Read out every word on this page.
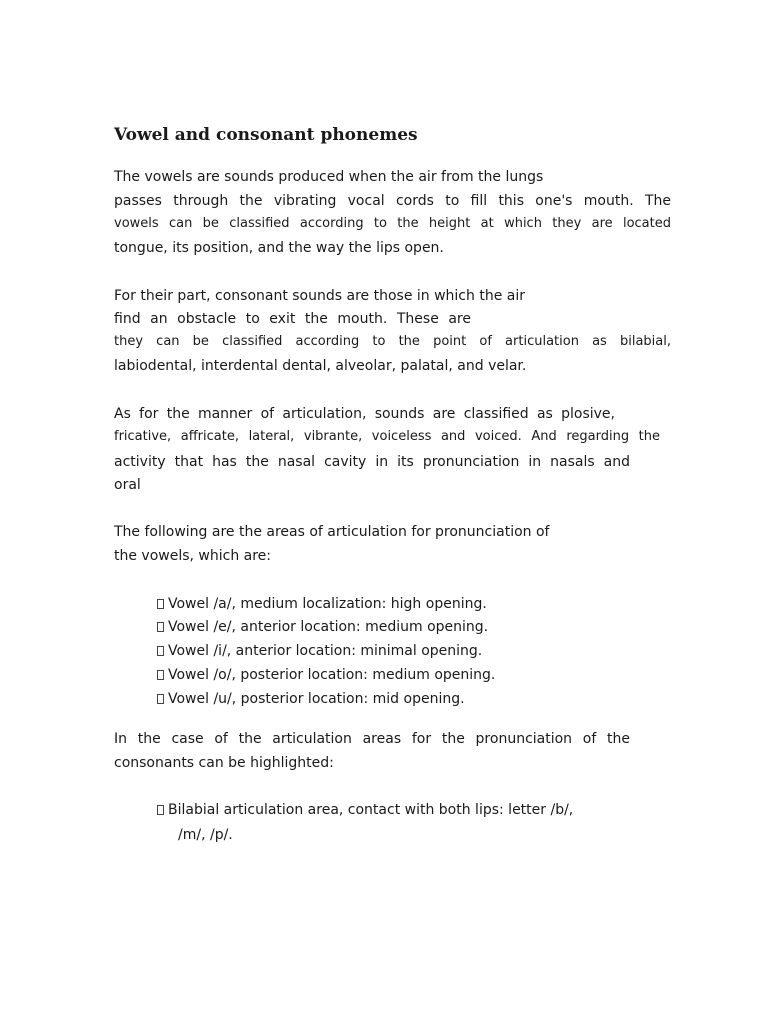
Vowel and consonant phonemes
The vowels are sounds produced when the air from the lungs
passes through the vibrating vocal cords to fill this one's mouth. The
vowels can be classified according to the height at which they are located
tongue, its position, and the way the lips open.
For their part, consonant sounds are those in which the air
find an obstacle to exit the mouth. These are
they can be classified according to the point of articulation as bilabial,
labiodental, interdental dental, alveolar, palatal, and velar.
As for the manner of articulation, sounds are classified as plosive,
fricative, affricate, lateral, vibrante, voiceless and voiced. And regarding the
activity that has the nasal cavity in its pronunciation in nasals and
oral
The following are the areas of articulation for pronunciation of
the vowels, which are:
Vowel /a/, medium localization: high opening.
Vowel /e/, anterior location: medium opening.
Vowel /i/, anterior location: minimal opening.
Vowel /o/, posterior location: medium opening.
Vowel /u/, posterior location: mid opening.
In the case of the articulation areas for the pronunciation of the
consonants can be highlighted:
Bilabial articulation area, contact with both lips: letter /b/,
/m/, /p/.
